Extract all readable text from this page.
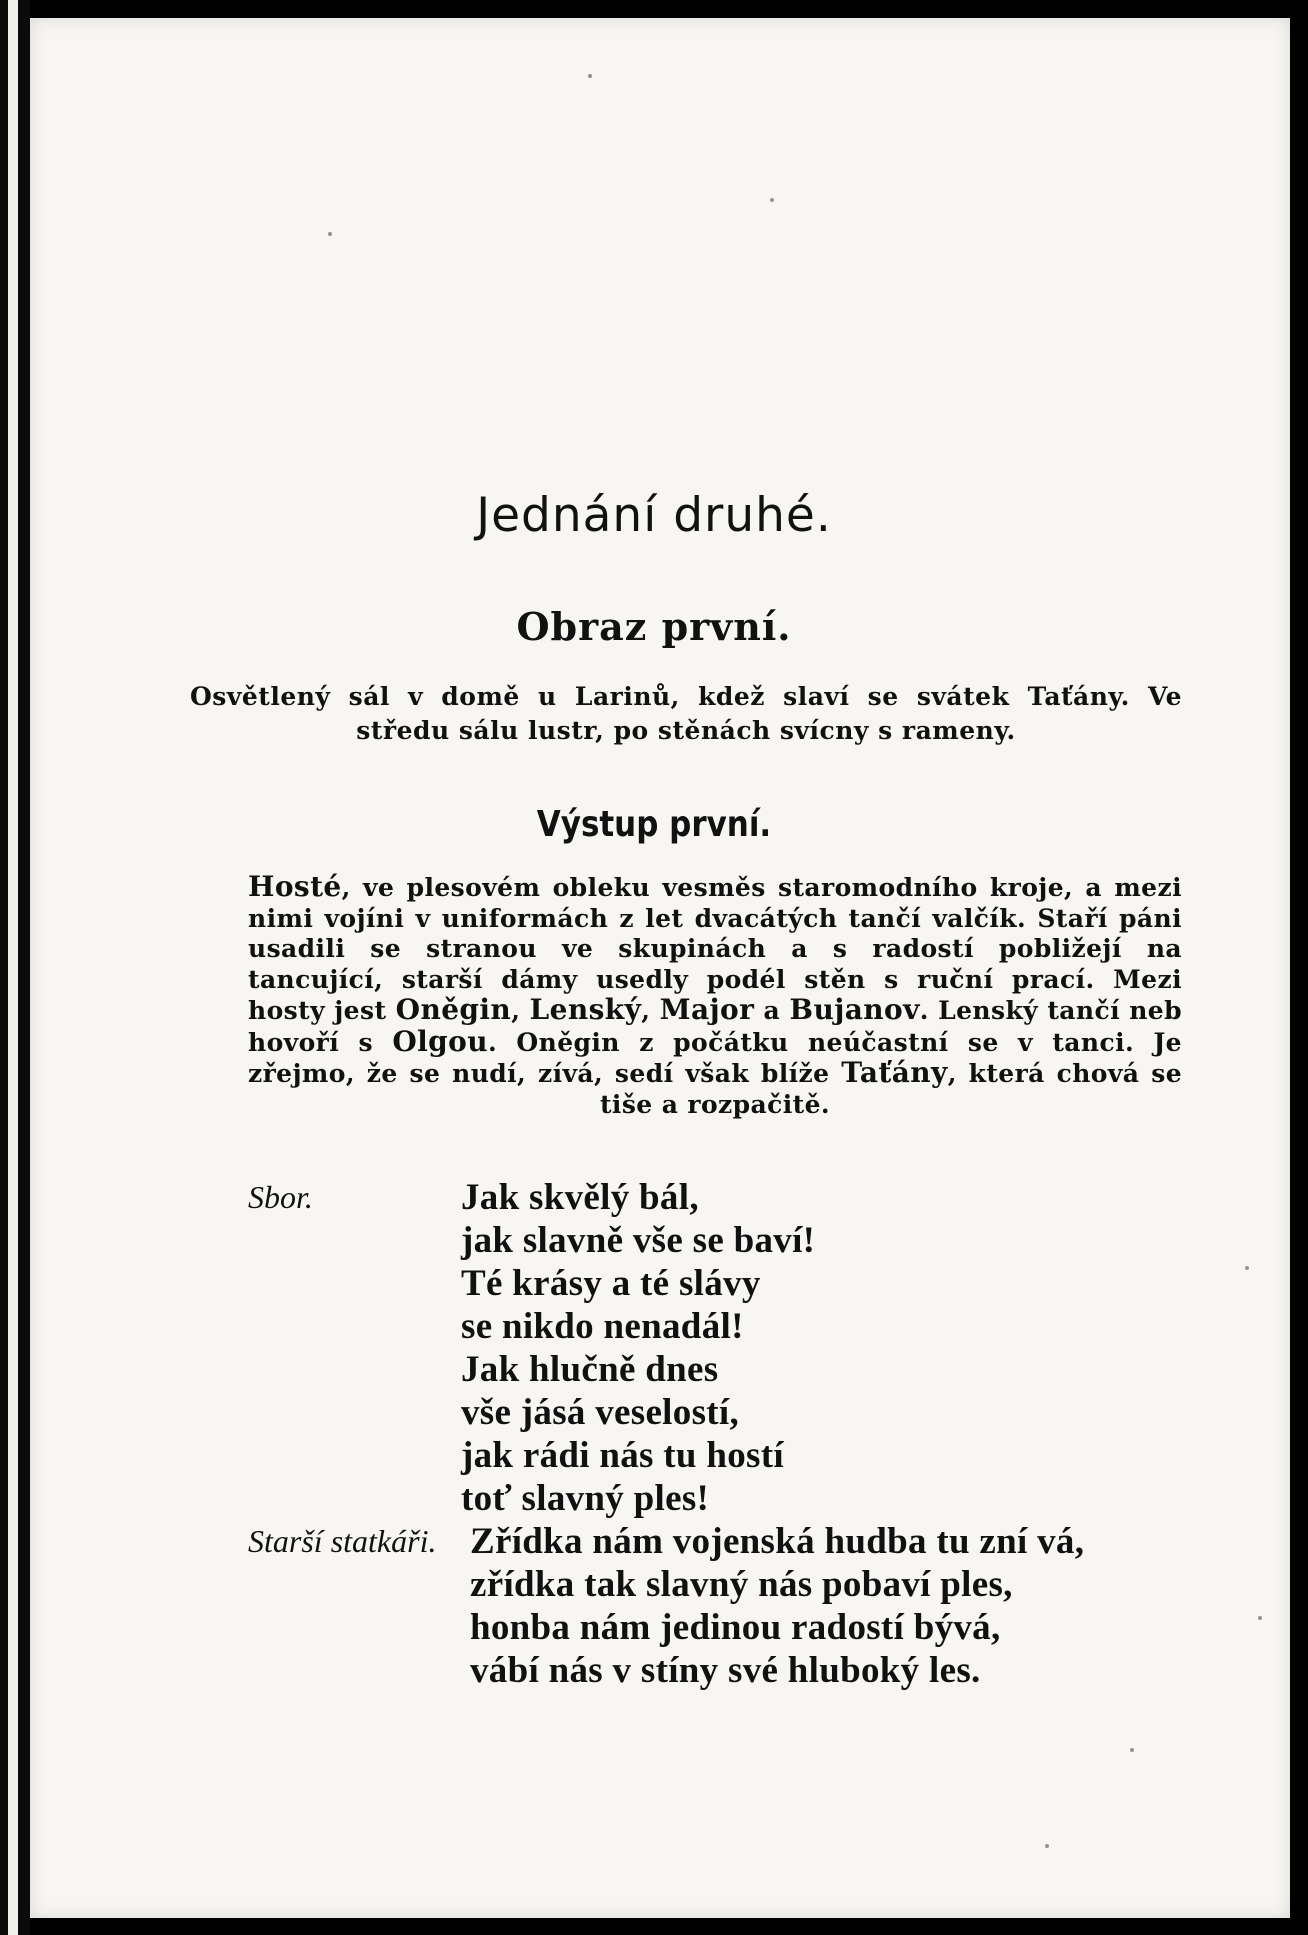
Jednání druhé.
Obraz první.
Osvětlený sál v domě u Larinů, kdež slaví se svátek Taťány. Ve středu sálu lustr, po stěnách svícny s rameny.
Výstup první.
Hosté, ve plesovém obleku vesměs staromodního kroje, a mezi nimi vojíni v uniformách z let dvacátých tančí valčík. Staří páni usadili se stranou ve skupinách a s radostí pobližejí na tancující, starší dámy usedly podél stěn s ruční prací. Mezi hosty jest Oněgin, Lenský, Major a Bujanov. Lenský tančí neb hovoří s Olgou. Oněgin z počátku neúčastní se v tanci. Je zřejmo, že se nudí, zívá, sedí však blíže Taťány, která chová se tiše a rozpačitě.
Sbor.	Jak skvělý bál,
jak slavně vše se baví!
Té krásy a té slávy
se nikdo nenadál!
Jak hlučně dnes
vše jásá veselostí,
jak rádi nás tu hostí
toť slavný ples!
Starší statkáři. Zřídka nám vojenská hudba tu zní vá,
zřídka tak slavný nás pobaví ples,
honba nám jedinou radostí bývá,
vábí nás v stíny své hluboký les.
